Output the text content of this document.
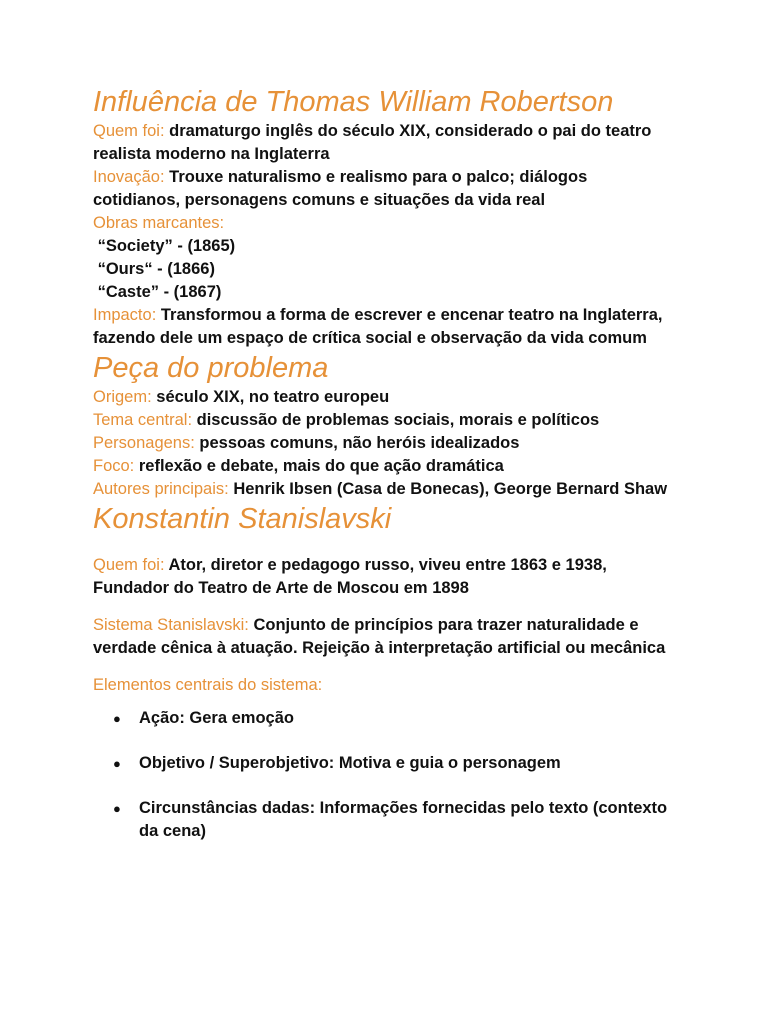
Influência de Thomas William Robertson

Quem foi: dramaturgo inglês do século XIX, considerado o pai do teatro realista moderno na Inglaterra

Inovação: Trouxe naturalismo e realismo para o palco; diálogos cotidianos, personagens comuns e situações da vida real

Obras marcantes:

“Society” - (1865)

“Ours“ - (1866)

“Caste” - (1867)

Impacto: Transformou a forma de escrever e encenar teatro na Inglaterra, fazendo dele um espaço de crítica social e observação da vida comum

Peça do problema

Origem: século XIX, no teatro europeu

Tema central: discussão de problemas sociais, morais e políticos

Personagens: pessoas comuns, não heróis idealizados

Foco: reflexão e debate, mais do que ação dramática

Autores principais: Henrik Ibsen (Casa de Bonecas), George Bernard Shaw

Konstantin Stanislavski

Quem foi: Ator, diretor e pedagogo russo, viveu entre 1863 e 1938, Fundador do Teatro de Arte de Moscou em 1898

Sistema Stanislavski: Conjunto de princípios para trazer naturalidade e verdade cênica à atuação. Rejeição à interpretação artificial ou mecânica

Elementos centrais do sistema:

● Ação: Gera emoção
● Objetivo / Superobjetivo: Motiva e guia o personagem
● Circunstâncias dadas: Informações fornecidas pelo texto (contexto da cena)
